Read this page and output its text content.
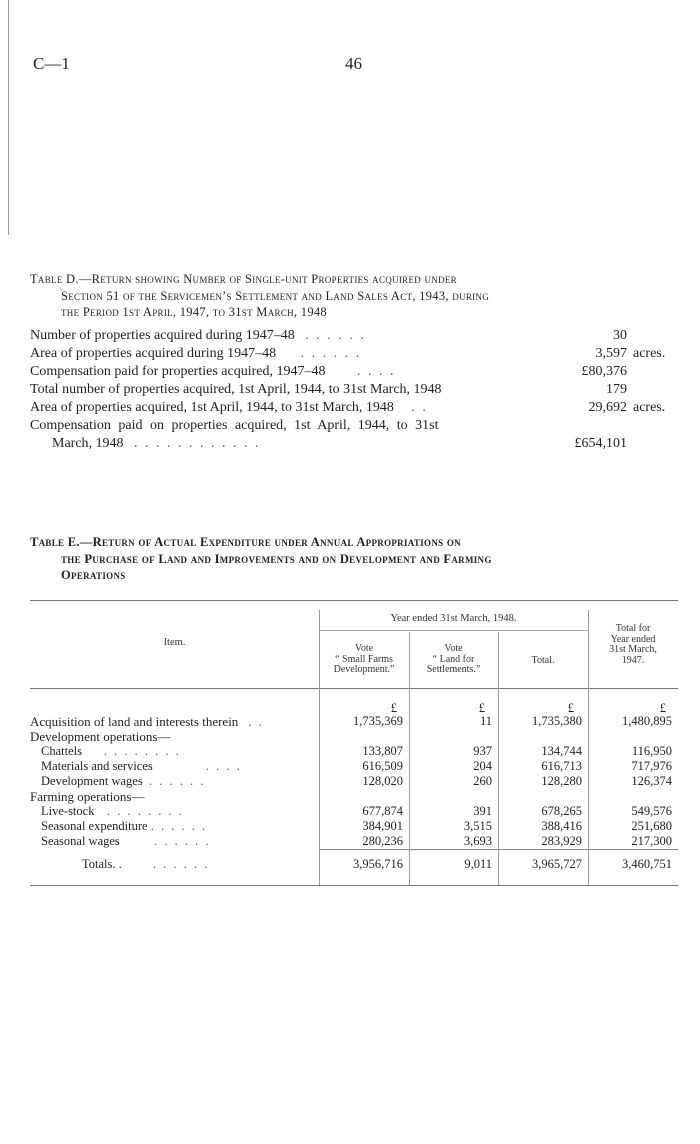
C—1	46
Table D.—Return showing Number of Single-unit Properties acquired under
Section 51 of the Servicemen’s Settlement and Land Sales Act, 1943, during
the Period 1st April, 1947, to 31st March, 1948
Number of properties acquired during 1947–48 . . . . . .	30
Area of properties acquired during 1947–48 . . . . . .	3,597 acres.
Compensation paid for properties acquired, 1947–48 . . . .	£80,376
Total number of properties acquired, 1st April, 1944, to 31st March, 1948	179
Area of properties acquired, 1st April, 1944, to 31st March, 1948 . .	29,692 acres.
Compensation paid on properties acquired, 1st April, 1944, to 31st
March, 1948 . . . . . . . . . . . .	£654,101
Table E.—Return of Actual Expenditure under Annual Appropriations on
the Purchase of Land and Improvements and on Development and Farming
Operations
Item.
Year ended 31st March, 1948.
Vote
“ Small Farms
Development.”
Vote
“ Land for
Settlements.”
Total.
Total for
Year ended
31st March,
1947.
£	£	£	£
Acquisition of land and interests therein . .	1,735,369	11	1,735,380	1,480,895
Development operations—
Chattels . . . . . . . .	133,807	937	134,744	116,950
Materials and services	. . . .	616,509	204	616,713	717,976
Development wages . . . . . .	128,020	260	128,280	126,374
Farming operations—
Live-stock . . . . . . . .	677,874	391	678,265	549,576
Seasonal expenditure . . . . . .	384,901	3,515	388,416	251,680
Seasonal wages	. . . . . .	280,236	3,693	283,929	217,300
Totals. .	. . . . . .	3,956,716	9,011	3,965,727	3,460,751
